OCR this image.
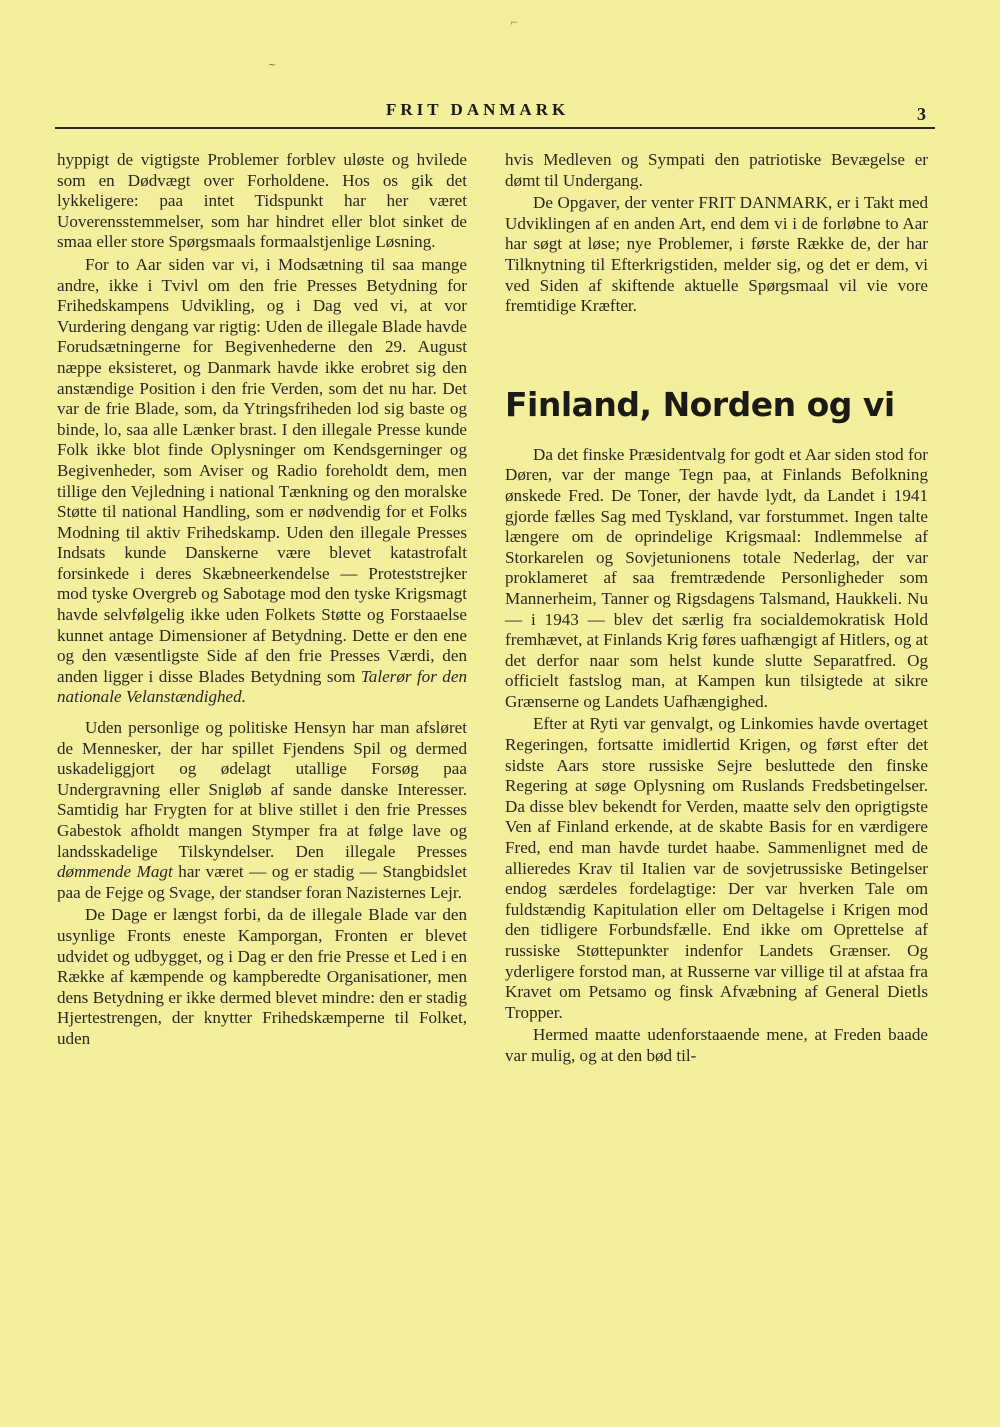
⌐
~
FRIT DANMARK	3

hyppigt de vigtigste Problemer forblev uløste og hvilede som en Dødvægt over Forholdene. Hos os gik det lykkeligere: paa intet Tidspunkt har her været Uoverensstemmelser, som har hindret eller blot sinket de smaa eller store Spørgsmaals formaalstjenlige Løsning.

For to Aar siden var vi, i Modsætning til saa mange andre, ikke i Tvivl om den frie Presses Betydning for Frihedskampens Udvikling, og i Dag ved vi, at vor Vurdering dengang var rigtig: Uden de illegale Blade havde Forudsætningerne for Begivenhederne den 29. August næppe eksisteret, og Danmark havde ikke erobret sig den anstændige Position i den frie Verden, som det nu har. Det var de frie Blade, som, da Ytringsfriheden lod sig baste og binde, lo, saa alle Lænker brast. I den illegale Presse kunde Folk ikke blot finde Oplysninger om Kendsgerninger og Begivenheder, som Aviser og Radio foreholdt dem, men tillige den Vejledning i national Tænkning og den moralske Støtte til national Handling, som er nødvendig for et Folks Modning til aktiv Frihedskamp. Uden den illegale Presses Indsats kunde Danskerne være blevet katastrofalt forsinkede i deres Skæbneerkendelse — Proteststrejker mod tyske Overgreb og Sabotage mod den tyske Krigsmagt havde selvfølgelig ikke uden Folkets Støtte og Forstaaelse kunnet antage Dimensioner af Betydning. Dette er den ene og den væsentligste Side af den frie Presses Værdi, den anden ligger i disse Blades Betydning som Talerør for den nationale Velanstændighed.

Uden personlige og politiske Hensyn har man afsløret de Mennesker, der har spillet Fjendens Spil og dermed uskadeliggjort og ødelagt utallige Forsøg paa Undergravning eller Snigløb af sande danske Interesser. Samtidig har Frygten for at blive stillet i den frie Presses Gabestok afholdt mangen Stymper fra at følge lave og landsskadelige Tilskyndelser. Den illegale Presses dømmende Magt har været — og er stadig — Stangbidslet paa de Fejge og Svage, der standser foran Nazisternes Lejr.

De Dage er længst forbi, da de illegale Blade var den usynlige Fronts eneste Kamporgan, Fronten er blevet udvidet og udbygget, og i Dag er den frie Presse et Led i en Række af kæmpende og kampberedte Organisationer, men dens Betydning er ikke dermed blevet mindre: den er stadig Hjertestrengen, der knytter Frihedskæmperne til Folket, uden

hvis Medleven og Sympati den patriotiske Bevægelse er dømt til Undergang.

De Opgaver, der venter FRIT DANMARK, er i Takt med Udviklingen af en anden Art, end dem vi i de forløbne to Aar har søgt at løse; nye Problemer, i første Række de, der har Tilknytning til Efterkrigstiden, melder sig, og det er dem, vi ved Siden af skiftende aktuelle Spørgsmaal vil vie vore fremtidige Kræfter.

Finland, Norden og vi

Da det finske Præsidentvalg for godt et Aar siden stod for Døren, var der mange Tegn paa, at Finlands Befolkning ønskede Fred. De Toner, der havde lydt, da Landet i 1941 gjorde fælles Sag med Tyskland, var forstummet. Ingen talte længere om de oprindelige Krigsmaal: Indlemmelse af Storkarelen og Sovjetunionens totale Nederlag, der var proklameret af saa fremtrædende Personligheder som Mannerheim, Tanner og Rigsdagens Talsmand, Haukkeli. Nu — i 1943 — blev det særlig fra socialdemokratisk Hold fremhævet, at Finlands Krig føres uafhængigt af Hitlers, og at det derfor naar som helst kunde slutte Separatfred. Og officielt fastslog man, at Kampen kun tilsigtede at sikre Grænserne og Landets Uafhængighed.

Efter at Ryti var genvalgt, og Linkomies havde overtaget Regeringen, fortsatte imidlertid Krigen, og først efter det sidste Aars store russiske Sejre besluttede den finske Regering at søge Oplysning om Ruslands Fredsbetingelser. Da disse blev bekendt for Verden, maatte selv den oprigtigste Ven af Finland erkende, at de skabte Basis for en værdigere Fred, end man havde turdet haabe. Sammenlignet med de allieredes Krav til Italien var de sovjetrussiske Betingelser endog særdeles fordelagtige: Der var hverken Tale om fuldstændig Kapitulation eller om Deltagelse i Krigen mod den tidligere Forbundsfælle. End ikke om Oprettelse af russiske Støttepunkter indenfor Landets Grænser. Og yderligere forstod man, at Russerne var villige til at afstaa fra Kravet om Petsamo og finsk Afvæbning af General Dietls Tropper.

Hermed maatte udenforstaaende mene, at Freden baade var mulig, og at den bød til-
